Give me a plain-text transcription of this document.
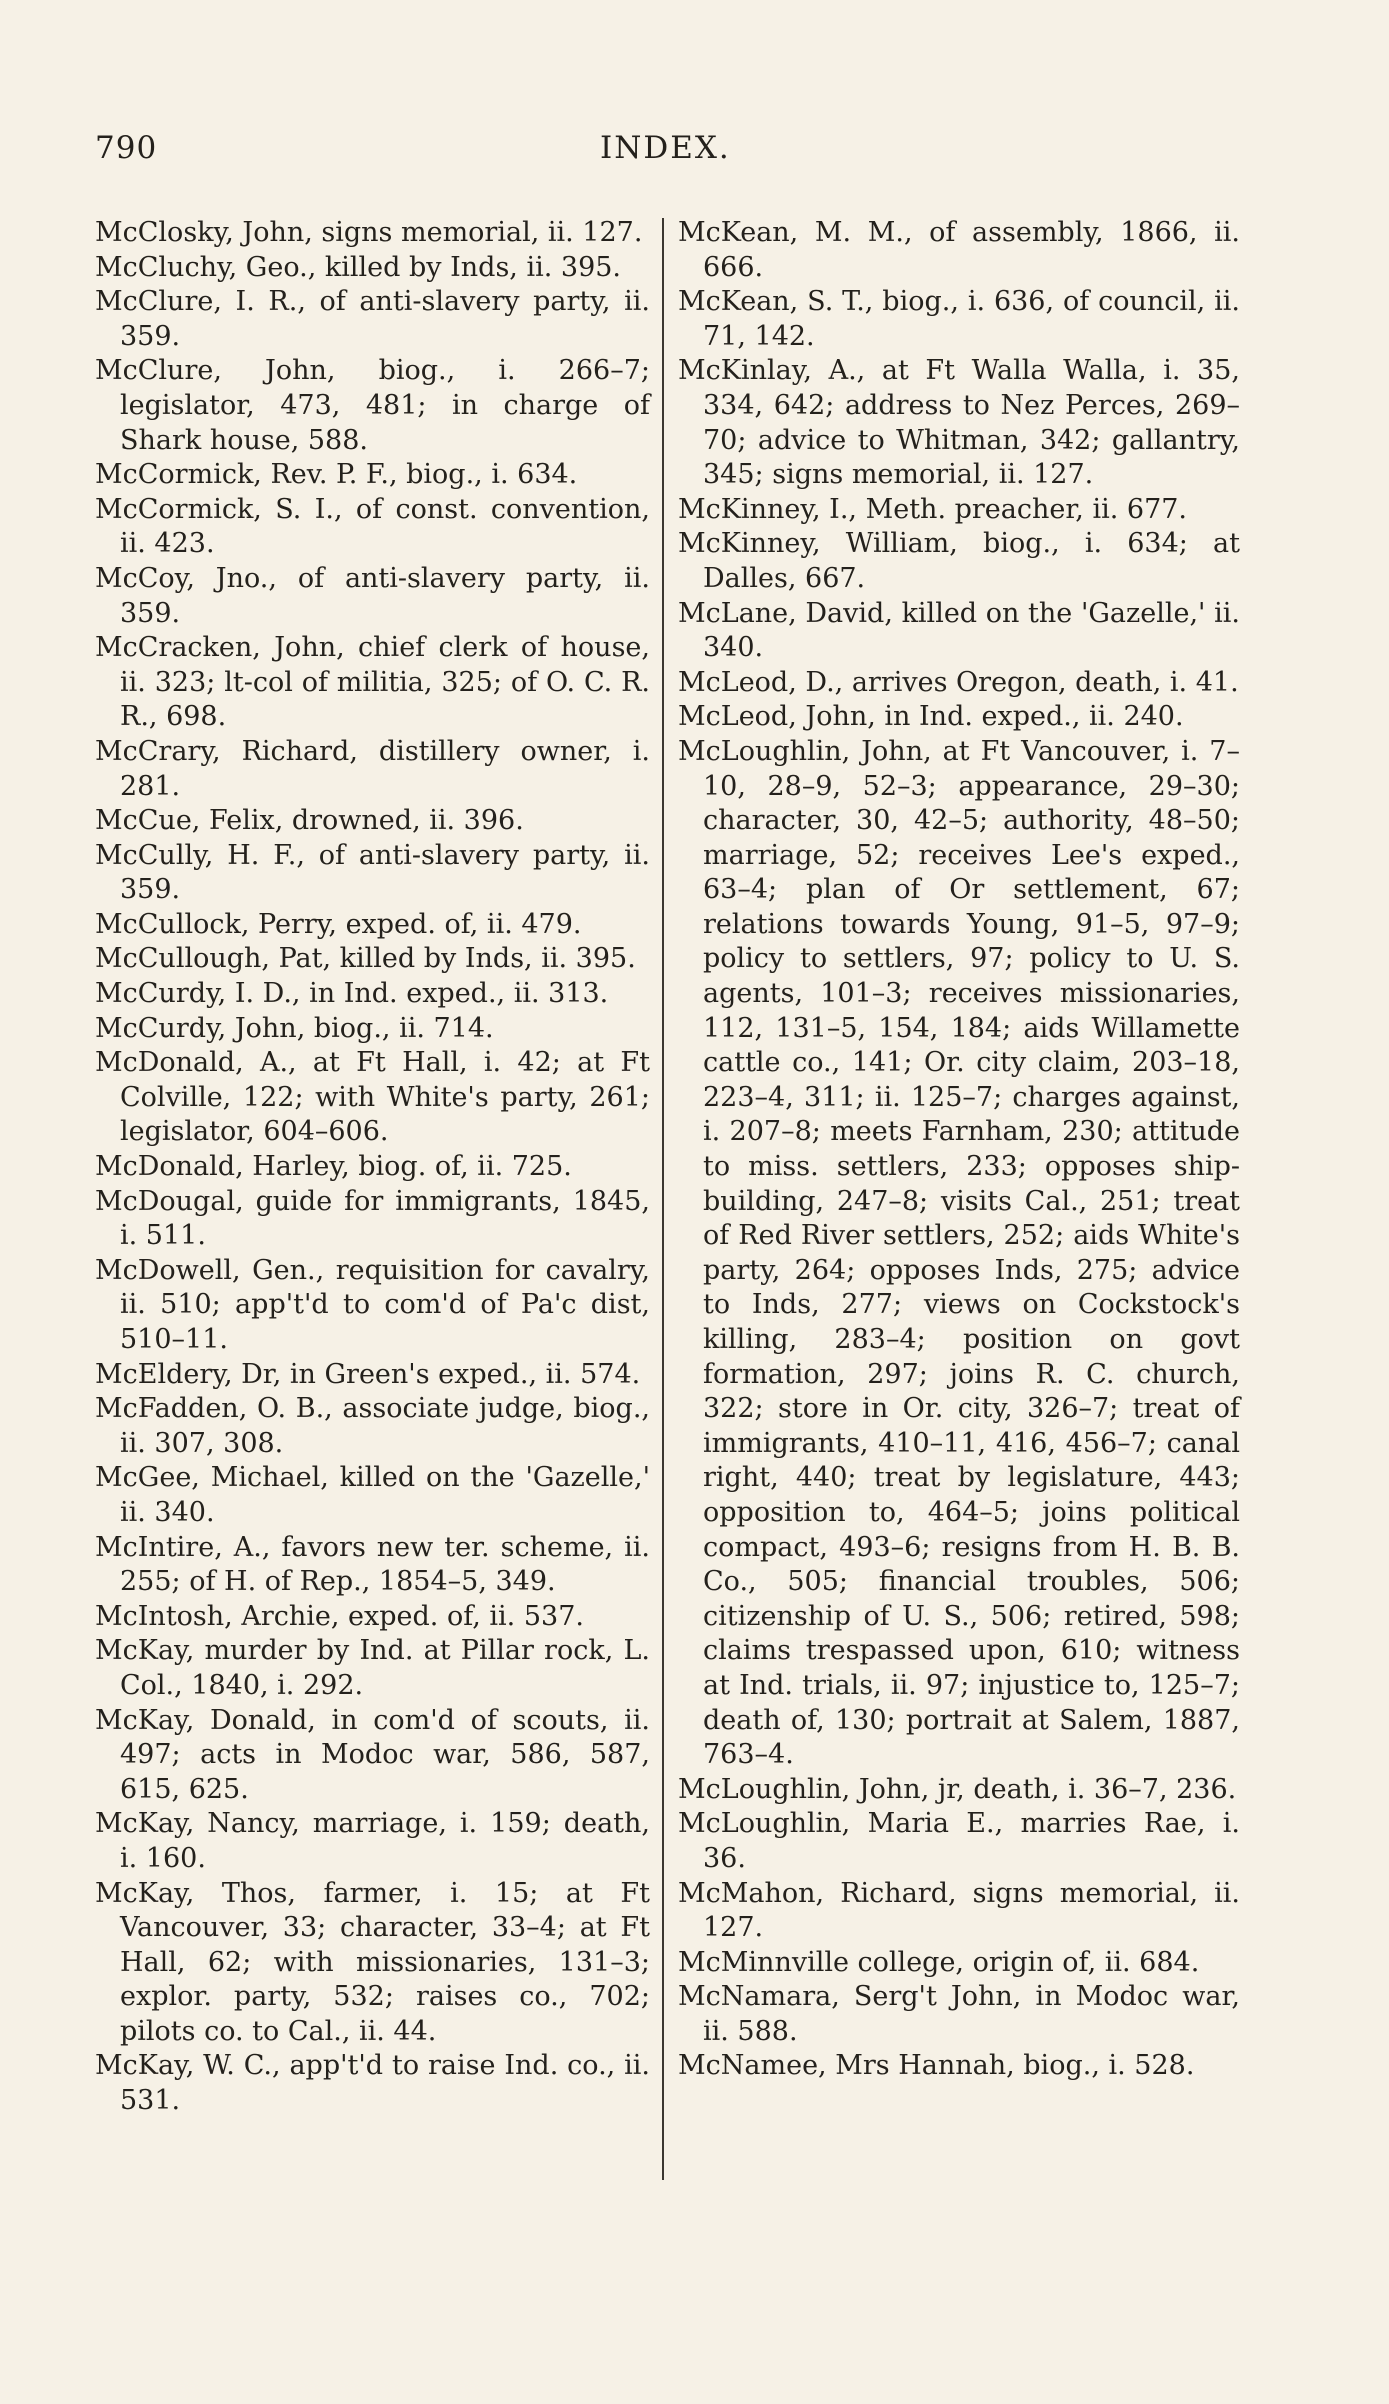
790	INDEX.

McClosky, John, signs memorial, ii. 127.

McCluchy, Geo., killed by Inds, ii. 395.

McClure, I. R., of anti-slavery party, ii. 359.

McClure, John, biog., i. 266–7; legislator, 473, 481; in charge of Shark house, 588.

McCormick, Rev. P. F., biog., i. 634.

McCormick, S. I., of const. convention, ii. 423.

McCoy, Jno., of anti-slavery party, ii. 359.

McCracken, John, chief clerk of house, ii. 323; lt-col of militia, 325; of O. C. R. R., 698.

McCrary, Richard, distillery owner, i. 281.

McCue, Felix, drowned, ii. 396.

McCully, H. F., of anti-slavery party, ii. 359.

McCullock, Perry, exped. of, ii. 479.

McCullough, Pat, killed by Inds, ii. 395.

McCurdy, I. D., in Ind. exped., ii. 313.

McCurdy, John, biog., ii. 714.

McDonald, A., at Ft Hall, i. 42; at Ft Colville, 122; with White's party, 261; legislator, 604–606.

McDonald, Harley, biog. of, ii. 725.

McDougal, guide for immigrants, 1845, i. 511.

McDowell, Gen., requisition for cavalry, ii. 510; app't'd to com'd of Pa'c dist, 510–11.

McEldery, Dr, in Green's exped., ii. 574.

McFadden, O. B., associate judge, biog., ii. 307, 308.

McGee, Michael, killed on the 'Gazelle,' ii. 340.

McIntire, A., favors new ter. scheme, ii. 255; of H. of Rep., 1854–5, 349.

McIntosh, Archie, exped. of, ii. 537.

McKay, murder by Ind. at Pillar rock, L. Col., 1840, i. 292.

McKay, Donald, in com'd of scouts, ii. 497; acts in Modoc war, 586, 587, 615, 625.

McKay, Nancy, marriage, i. 159; death, i. 160.

McKay, Thos, farmer, i. 15; at Ft Vancouver, 33; character, 33–4; at Ft Hall, 62; with missionaries, 131–3; explor. party, 532; raises co., 702; pilots co. to Cal., ii. 44.

McKay, W. C., app't'd to raise Ind. co., ii. 531.

McKean, M. M., of assembly, 1866, ii. 666.

McKean, S. T., biog., i. 636, of council, ii. 71, 142.

McKinlay, A., at Ft Walla Walla, i. 35, 334, 642; address to Nez Perces, 269–70; advice to Whitman, 342; gallantry, 345; signs memorial, ii. 127.

McKinney, I., Meth. preacher, ii. 677.

McKinney, William, biog., i. 634; at Dalles, 667.

McLane, David, killed on the 'Gazelle,' ii. 340.

McLeod, D., arrives Oregon, death, i. 41.

McLeod, John, in Ind. exped., ii. 240.

McLoughlin, John, at Ft Vancouver, i. 7–10, 28–9, 52–3; appearance, 29–30; character, 30, 42–5; authority, 48–50; marriage, 52; receives Lee's exped., 63–4; plan of Or settlement, 67; relations towards Young, 91–5, 97–9; policy to settlers, 97; policy to U. S. agents, 101–3; receives missionaries, 112, 131–5, 154, 184; aids Willamette cattle co., 141; Or. city claim, 203–18, 223–4, 311; ii. 125–7; charges against, i. 207–8; meets Farnham, 230; attitude to miss. settlers, 233; opposes ship-building, 247–8; visits Cal., 251; treat of Red River settlers, 252; aids White's party, 264; opposes Inds, 275; advice to Inds, 277; views on Cockstock's killing, 283–4; position on govt formation, 297; joins R. C. church, 322; store in Or. city, 326–7; treat of immigrants, 410–11, 416, 456–7; canal right, 440; treat by legislature, 443; opposition to, 464–5; joins political compact, 493–6; resigns from H. B. B. Co., 505; financial troubles, 506; citizenship of U. S., 506; retired, 598; claims trespassed upon, 610; witness at Ind. trials, ii. 97; injustice to, 125–7; death of, 130; portrait at Salem, 1887, 763–4.

McLoughlin, John, jr, death, i. 36–7, 236.

McLoughlin, Maria E., marries Rae, i. 36.

McMahon, Richard, signs memorial, ii. 127.

McMinnville college, origin of, ii. 684.

McNamara, Serg't John, in Modoc war, ii. 588.

McNamee, Mrs Hannah, biog., i. 528.
